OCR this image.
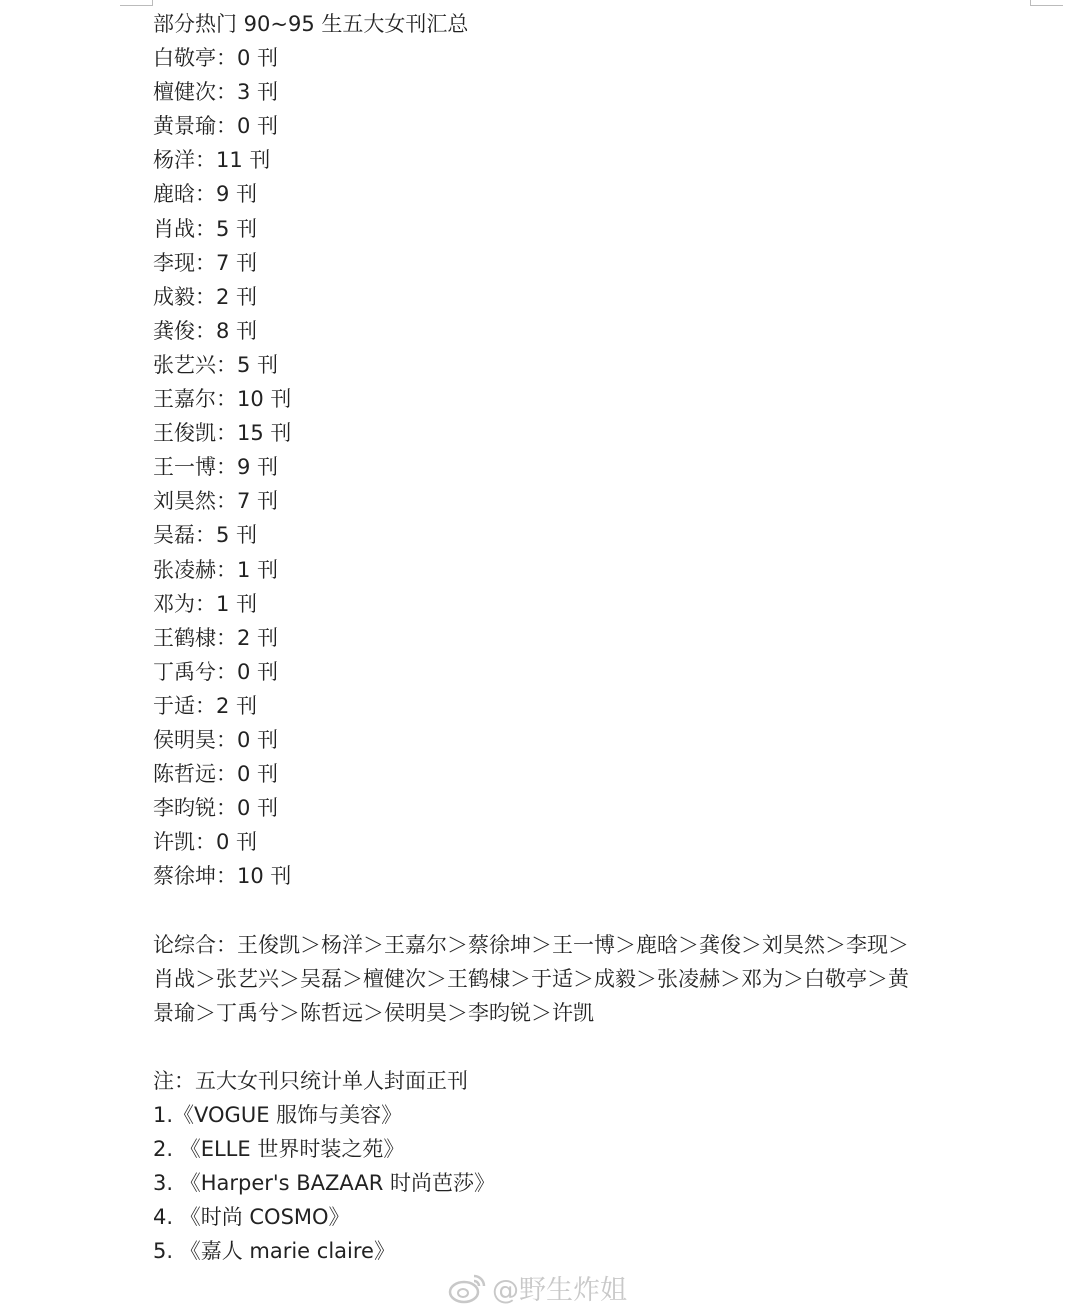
部分热门 90~95 生五大女刊汇总
白敬亭：0 刊
檀健次：3 刊
黄景瑜：0 刊
杨洋：11 刊
鹿晗：9 刊
肖战：5 刊
李现：7 刊
成毅：2 刊
龚俊：8 刊
张艺兴：5 刊
王嘉尔：10 刊
王俊凯：15 刊
王一博：9 刊
刘昊然：7 刊
吴磊：5 刊
张凌赫：1 刊
邓为：1 刊
王鹤棣：2 刊
丁禹兮：0 刊
于适：2 刊
侯明昊：0 刊
陈哲远：0 刊
李昀锐：0 刊
许凯：0 刊
蔡徐坤：10 刊
论综合：王俊凯＞杨洋＞王嘉尔＞蔡徐坤＞王一博＞鹿晗＞龚俊＞刘昊然＞李现＞肖战＞张艺兴＞吴磊＞檀健次＞王鹤棣＞于适＞成毅＞张凌赫＞邓为＞白敬亭＞黄景瑜＞丁禹兮＞陈哲远＞侯明昊＞李昀锐＞许凯
注：五大女刊只统计单人封面正刊
1.《VOGUE 服饰与美容》
2. 《ELLE 世界时装之苑》
3. 《Harper's BAZAAR 时尚芭莎》
4. 《时尚 COSMO》
5. 《嘉人 marie claire》
@野生炸姐
